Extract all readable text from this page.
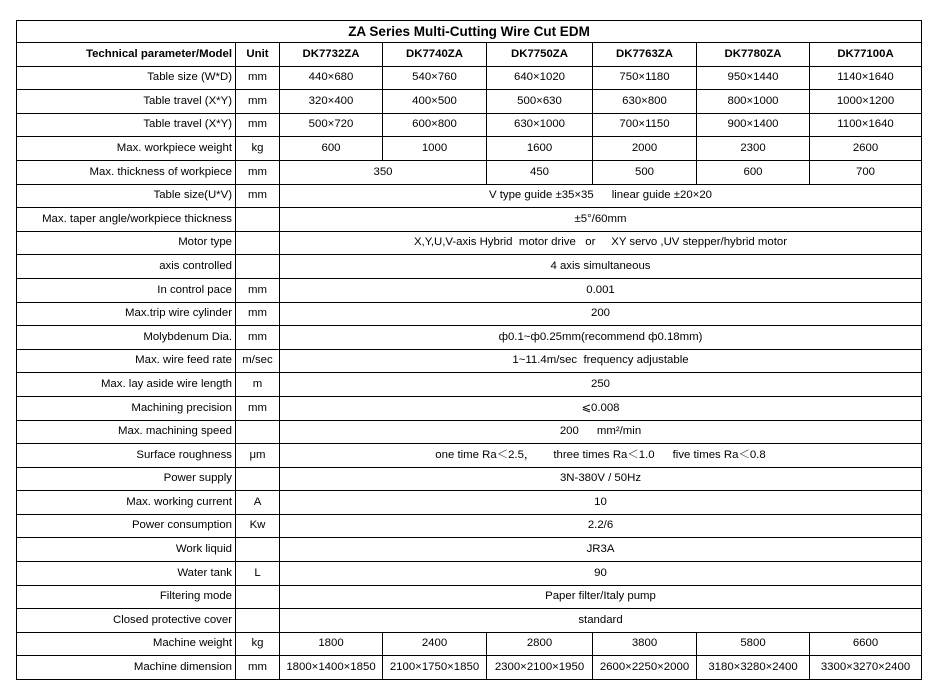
ZA Series Multi-Cutting Wire Cut EDM
Technical parameter/Model	Unit	DK7732ZA	DK7740ZA	DK7750ZA	DK7763ZA	DK7780ZA	DK77100A
Table size (W*D)	mm	440×680	540×760	640×1020	750×1180	950×1440	1140×1640
Table travel (X*Y)	mm	320×400	400×500	500×630	630×800	800×1000	1000×1200
Table travel (X*Y)	mm	500×720	600×800	630×1000	700×1150	900×1400	1100×1640
Max. workpiece weight	kg	600	1000	1600	2000	2300	2600
Max. thickness of workpiece	mm	350		450	500	600	700
Table size(U*V)	mm	V type guide ±35×35 linear guide ±20×20					
Max. taper angle/workpiece thickness		±5°/60mm					
Motor type		X,Y,U,V-axis Hybrid  motor drive   or     XY servo ,UV stepper/hybrid motor					
axis controlled		4 axis simultaneous					
In control pace	mm	0.001					
Max.trip wire cylinder	mm	200					
Molybdenum Dia.	mm	ф0.1~ф0.25mm(recommend ф0.18mm)					
Max. wire feed rate	m/sec	1~11.4m/sec  frequency adjustable					
Max. lay aside wire length	m	250					
Machining precision	mm	⩽0.008					
Max. machining speed		200 mm²/min					
Surface roughness	μm	one time Ra＜2.5， three times Ra＜1.0 five times Ra＜0.8					
Power supply		3N-380V / 50Hz					
Max. working current	A	10					
Power consumption	Kw	2.2/6					
Work liquid		JR3A					
Water tank	L	90					
Filtering mode		Paper filter/Italy pump					
Closed protective cover		standard					
Machine weight	kg	1800	2400	2800	3800	5800	6600
Machine dimension	mm	1800×1400×1850	2100×1750×1850	2300×2100×1950	2600×2250×2000	3180×3280×2400	3300×3270×2400
